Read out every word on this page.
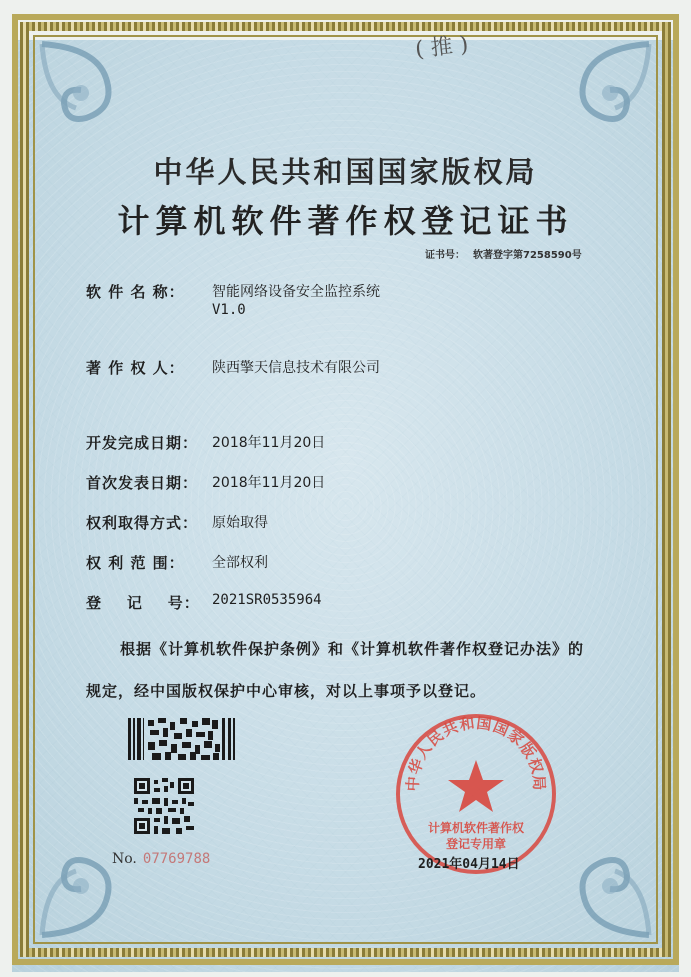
( 推 )
中华人民共和国国家版权局
计算机软件著作权登记证书
证书号： 软著登字第7258590号
软 件 名 称：	智能网络设备安全监控系统
V1.0
著 作 权 人：	陕西擎天信息技术有限公司
开发完成日期： 2018年11月20日
首次发表日期： 2018年11月20日
权利取得方式： 原始取得
权 利 范 围：	全部权利
登    记    号： 2021SR0535964
根据《计算机软件保护条例》和《计算机软件著作权登记办法》的
规定，经中国版权保护中心审核，对以上事项予以登记。
No. 07769788
中华人民共和国国家版权局
计算机软件著作权
登记专用章
2021年04月14日
